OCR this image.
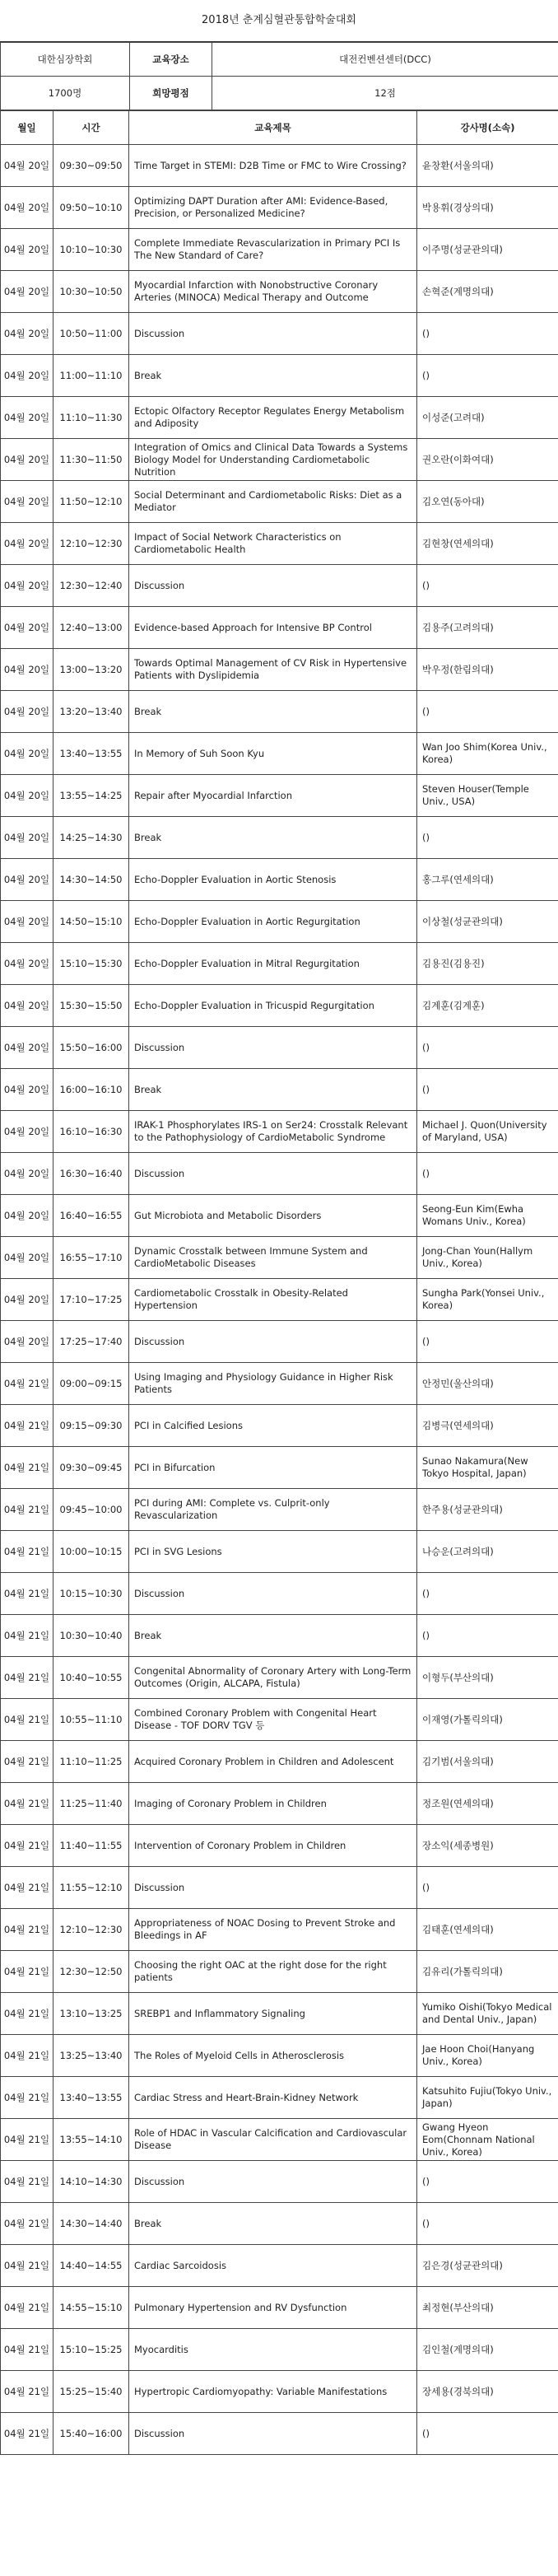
2018년 춘계심혈관통합학술대회
대한심장학회	교육장소	대전컨벤션센터(DCC)
1700명	희망평점	12점
월일	시간	교육제목	강사명(소속)
04월 20일	09:30~09:50	Time Target in STEMI: D2B Time or FMC to Wire Crossing?	윤창환(서울의대)
04월 20일	09:50~10:10	Optimizing DAPT Duration after AMI: Evidence-Based, Precision, or Personalized Medicine?	박용휘(경상의대)
04월 20일	10:10~10:30	Complete Immediate Revascularization in Primary PCI Is The New Standard of Care?	이주명(성균관의대)
04월 20일	10:30~10:50	Myocardial Infarction with Nonobstructive Coronary Arteries (MINOCA) Medical Therapy and Outcome	손혁준(계명의대)
04월 20일	10:50~11:00	Discussion	()
04월 20일	11:00~11:10	Break	()
04월 20일	11:10~11:30	Ectopic Olfactory Receptor Regulates Energy Metabolism and Adiposity	이성준(고려대)
04월 20일	11:30~11:50	Integration of Omics and Clinical Data Towards a Systems Biology Model for Understanding Cardiometabolic Nutrition	권오란(이화여대)
04월 20일	11:50~12:10	Social Determinant and Cardiometabolic Risks: Diet as a Mediator	김오연(동아대)
04월 20일	12:10~12:30	Impact of Social Network Characteristics on Cardiometabolic Health	김현창(연세의대)
04월 20일	12:30~12:40	Discussion	()
04월 20일	12:40~13:00	Evidence-based Approach for Intensive BP Control	김용주(고려의대)
04월 20일	13:00~13:20	Towards Optimal Management of CV Risk in Hypertensive Patients with Dyslipidemia	박우정(한림의대)
04월 20일	13:20~13:40	Break	()
04월 20일	13:40~13:55	In Memory of Suh Soon Kyu	Wan Joo Shim(Korea Univ., Korea)
04월 20일	13:55~14:25	Repair after Myocardial Infarction	Steven Houser(Temple Univ., USA)
04월 20일	14:25~14:30	Break	()
04월 20일	14:30~14:50	Echo-Doppler Evaluation in Aortic Stenosis	홍그루(연세의대)
04월 20일	14:50~15:10	Echo-Doppler Evaluation in Aortic Regurgitation	이상철(성균관의대)
04월 20일	15:10~15:30	Echo-Doppler Evaluation in Mitral Regurgitation	김용진(김용진)
04월 20일	15:30~15:50	Echo-Doppler Evaluation in Tricuspid Regurgitation	김계훈(김계훈)
04월 20일	15:50~16:00	Discussion	()
04월 20일	16:00~16:10	Break	()
04월 20일	16:10~16:30	IRAK-1 Phosphorylates IRS-1 on Ser24: Crosstalk Relevant to the Pathophysiology of CardioMetabolic Syndrome	Michael J. Quon(University of Maryland, USA)
04월 20일	16:30~16:40	Discussion	()
04월 20일	16:40~16:55	Gut Microbiota and Metabolic Disorders	Seong-Eun Kim(Ewha Womans Univ., Korea)
04월 20일	16:55~17:10	Dynamic Crosstalk between Immune System and CardioMetabolic Diseases	Jong-Chan Youn(Hallym Univ., Korea)
04월 20일	17:10~17:25	Cardiometabolic Crosstalk in Obesity-Related Hypertension	Sungha Park(Yonsei Univ., Korea)
04월 20일	17:25~17:40	Discussion	()
04월 21일	09:00~09:15	Using Imaging and Physiology Guidance in Higher Risk Patients	안정민(울산의대)
04월 21일	09:15~09:30	PCI in Calcified Lesions	김병극(연세의대)
04월 21일	09:30~09:45	PCI in Bifurcation	Sunao Nakamura(New Tokyo Hospital, Japan)
04월 21일	09:45~10:00	PCI during AMI: Complete vs. Culprit-only Revascularization	한주용(성균관의대)
04월 21일	10:00~10:15	PCI in SVG Lesions	나승운(고려의대)
04월 21일	10:15~10:30	Discussion	()
04월 21일	10:30~10:40	Break	()
04월 21일	10:40~10:55	Congenital Abnormality of Coronary Artery with Long-Term Outcomes (Origin, ALCAPA, Fistula)	이형두(부산의대)
04월 21일	10:55~11:10	Combined Coronary Problem with Congenital Heart Disease - TOF DORV TGV 등	이재영(가톨릭의대)
04월 21일	11:10~11:25	Acquired Coronary Problem in Children and Adolescent	김기범(서울의대)
04월 21일	11:25~11:40	Imaging of Coronary Problem in Children	정조원(연세의대)
04월 21일	11:40~11:55	Intervention of Coronary Problem in Children	장소익(세종병원)
04월 21일	11:55~12:10	Discussion	()
04월 21일	12:10~12:30	Appropriateness of NOAC Dosing to Prevent Stroke and Bleedings in AF	김태훈(연세의대)
04월 21일	12:30~12:50	Choosing the right OAC at the right dose for the right patients	김유리(가톨릭의대)
04월 21일	13:10~13:25	SREBP1 and Inflammatory Signaling	Yumiko Oishi(Tokyo Medical and Dental Univ., Japan)
04월 21일	13:25~13:40	The Roles of Myeloid Cells in Atherosclerosis	Jae Hoon Choi(Hanyang Univ., Korea)
04월 21일	13:40~13:55	Cardiac Stress and Heart-Brain-Kidney Network	Katsuhito Fujiu(Tokyo Univ., Japan)
04월 21일	13:55~14:10	Role of HDAC in Vascular Calcification and Cardiovascular Disease	Gwang Hyeon Eom(Chonnam National Univ., Korea)
04월 21일	14:10~14:30	Discussion	()
04월 21일	14:30~14:40	Break	()
04월 21일	14:40~14:55	Cardiac Sarcoidosis	김은경(성균관의대)
04월 21일	14:55~15:10	Pulmonary Hypertension and RV Dysfunction	최정현(부산의대)
04월 21일	15:10~15:25	Myocarditis	김인철(계명의대)
04월 21일	15:25~15:40	Hypertropic Cardiomyopathy: Variable Manifestations	장세용(경북의대)
04월 21일	15:40~16:00	Discussion	()
